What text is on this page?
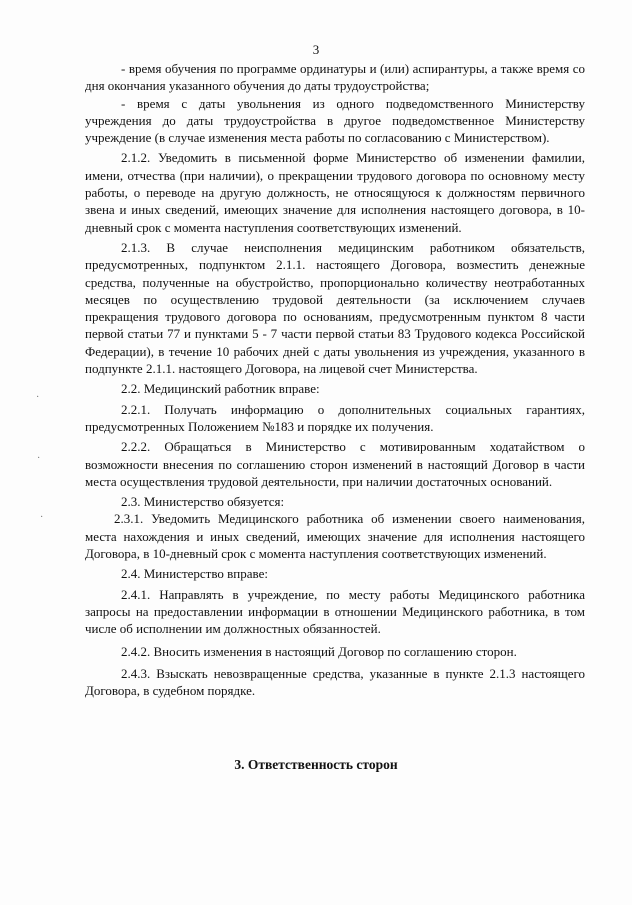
3

- время обучения по программе ординатуры и (или) аспирантуры, а также время со дня окончания указанного обучения до даты трудоустройства;

- время с даты увольнения из одного подведомственного Министерству учреждения до даты трудоустройства в другое подведомственное Министерству учреждение (в случае изменения места работы по согласованию с Министерством).

2.1.2. Уведомить в письменной форме Министерство об изменении фамилии, имени, отчества (при наличии), о прекращении трудового договора по основному месту работы, о переводе на другую должность, не относящуюся к должностям первичного звена и иных сведений, имеющих значение для исполнения настоящего договора, в 10-дневный срок с момента наступления соответствующих изменений.

2.1.3. В случае неисполнения медицинским работником обязательств, предусмотренных, подпунктом 2.1.1. настоящего Договора, возместить денежные средства, полученные на обустройство, пропорционально количеству неотработанных месяцев по осуществлению трудовой деятельности (за исключением случаев прекращения трудового договора по основаниям, предусмотренным пунктом 8 части первой статьи 77 и пунктами 5 - 7 части первой статьи 83 Трудового кодекса Российской Федерации), в течение 10 рабочих дней с даты увольнения из учреждения, указанного в подпункте 2.1.1. настоящего Договора, на лицевой счет Министерства.

2.2. Медицинский работник вправе:

2.2.1. Получать информацию о дополнительных социальных гарантиях, предусмотренных Положением №183 и порядке их получения.

2.2.2. Обращаться в Министерство с мотивированным ходатайством о возможности внесения по соглашению сторон изменений в настоящий Договор в части места осуществления трудовой деятельности, при наличии достаточных оснований.

2.3. Министерство обязуется:

2.3.1. Уведомить Медицинского работника об изменении своего наименования, места нахождения и иных сведений, имеющих значение для исполнения настоящего Договора, в 10-дневный срок с момента наступления соответствующих изменений.

2.4. Министерство вправе:

2.4.1. Направлять в учреждение, по месту работы Медицинского работника запросы на предоставлении информации в отношении Медицинского работника, в том числе об исполнении им должностных обязанностей.

2.4.2. Вносить изменения в настоящий Договор по соглашению сторон.

2.4.3. Взыскать невозвращенные средства, указанные в пункте 2.1.3 настоящего Договора, в судебном порядке.

3. Ответственность сторон
·
·
·
